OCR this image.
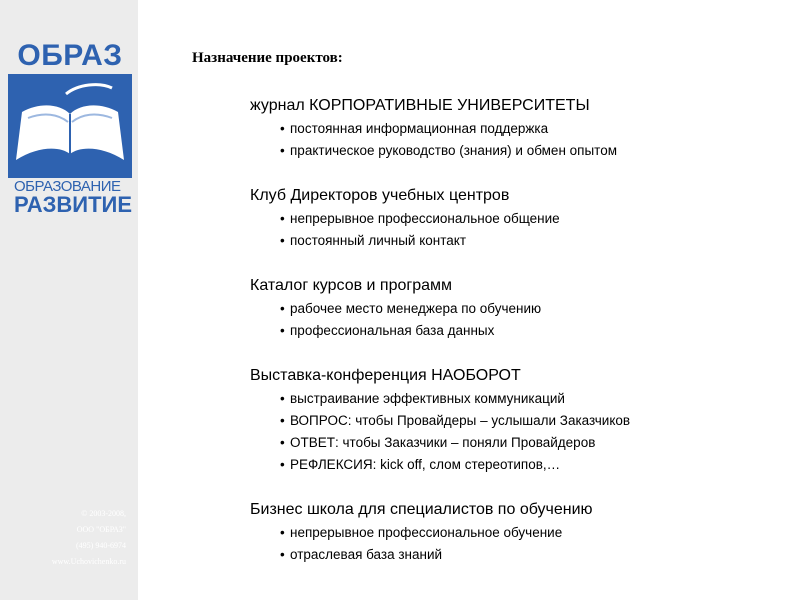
ОБРАЗ
ОБРАЗОВАНИЕ
РАЗВИТИЕ
© 2003-2008,
ООО "ОБРАЗ"
(495) 940-6974
www.Uchovichenko.ru
Назначение проектов:
журнал КОРПОРАТИВНЫЕ УНИВЕРСИТЕТЫ
• постоянная информационная поддержка
• практическое руководство (знания) и обмен опытом
Клуб Директоров учебных центров
• непрерывное профессиональное общение
• постоянный личный контакт
Каталог курсов и программ
• рабочее место менеджера по обучению
• профессиональная база данных
Выставка-конференция НАОБОРОТ
• выстраивание эффективных коммуникаций
• ВОПРОС: чтобы Провайдеры – услышали Заказчиков
• ОТВЕТ: чтобы Заказчики – поняли Провайдеров
• РЕФЛЕКСИЯ: kick off, слом стереотипов,…
Бизнес школа для специалистов по обучению
• непрерывное профессиональное обучение
• отраслевая база знаний
